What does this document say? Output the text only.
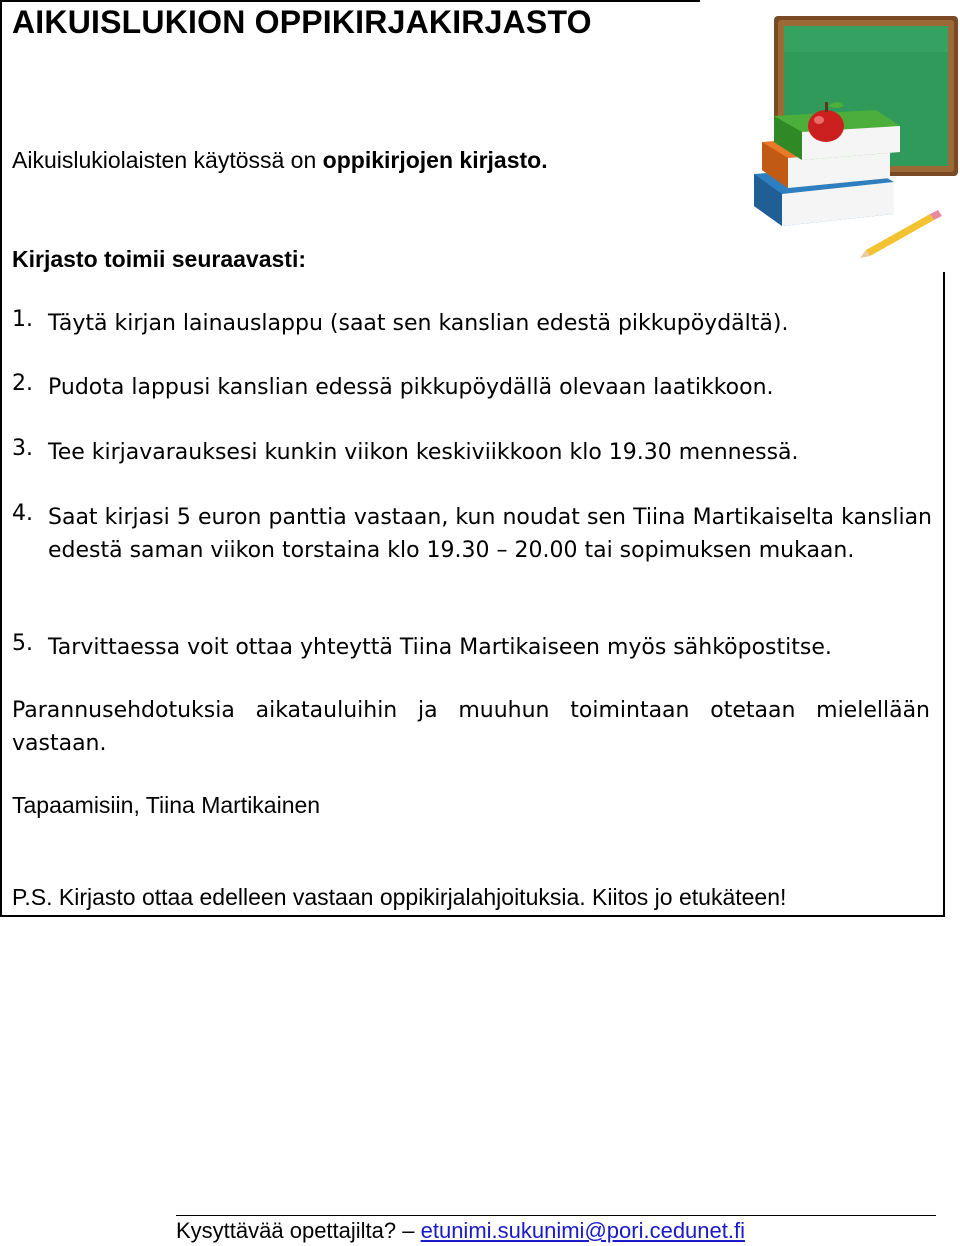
AIKUISLUKION OPPIKIRJAKIRJASTO

Aikuislukiolaisten käytössä on oppikirjojen kirjasto.

Kirjasto toimii seuraavasti:

1. Täytä kirjan lainauslappu (saat sen kanslian edestä pikkupöydältä).
2. Pudota lappusi kanslian edessä pikkupöydällä olevaan laatikkoon.
3. Tee kirjavarauksesi kunkin viikon keskiviikkoon klo 19.30 mennessä.
4. Saat kirjasi 5 euron panttia vastaan, kun noudat sen Tiina Martikaiselta kanslian edestä saman viikon torstaina klo 19.30 – 20.00 tai sopimuksen mukaan.
5. Tarvittaessa voit ottaa yhteyttä Tiina Martikaiseen myös sähköpostitse.

Parannusehdotuksia aikatauluihin ja muuhun toimintaan otetaan mielellään vastaan.

Tapaamisiin, Tiina Martikainen

P.S. Kirjasto ottaa edelleen vastaan oppikirjalahjoituksia. Kiitos jo etukäteen!

Kysyttävää opettajilta? – etunimi.sukunimi@pori.cedunet.fi
